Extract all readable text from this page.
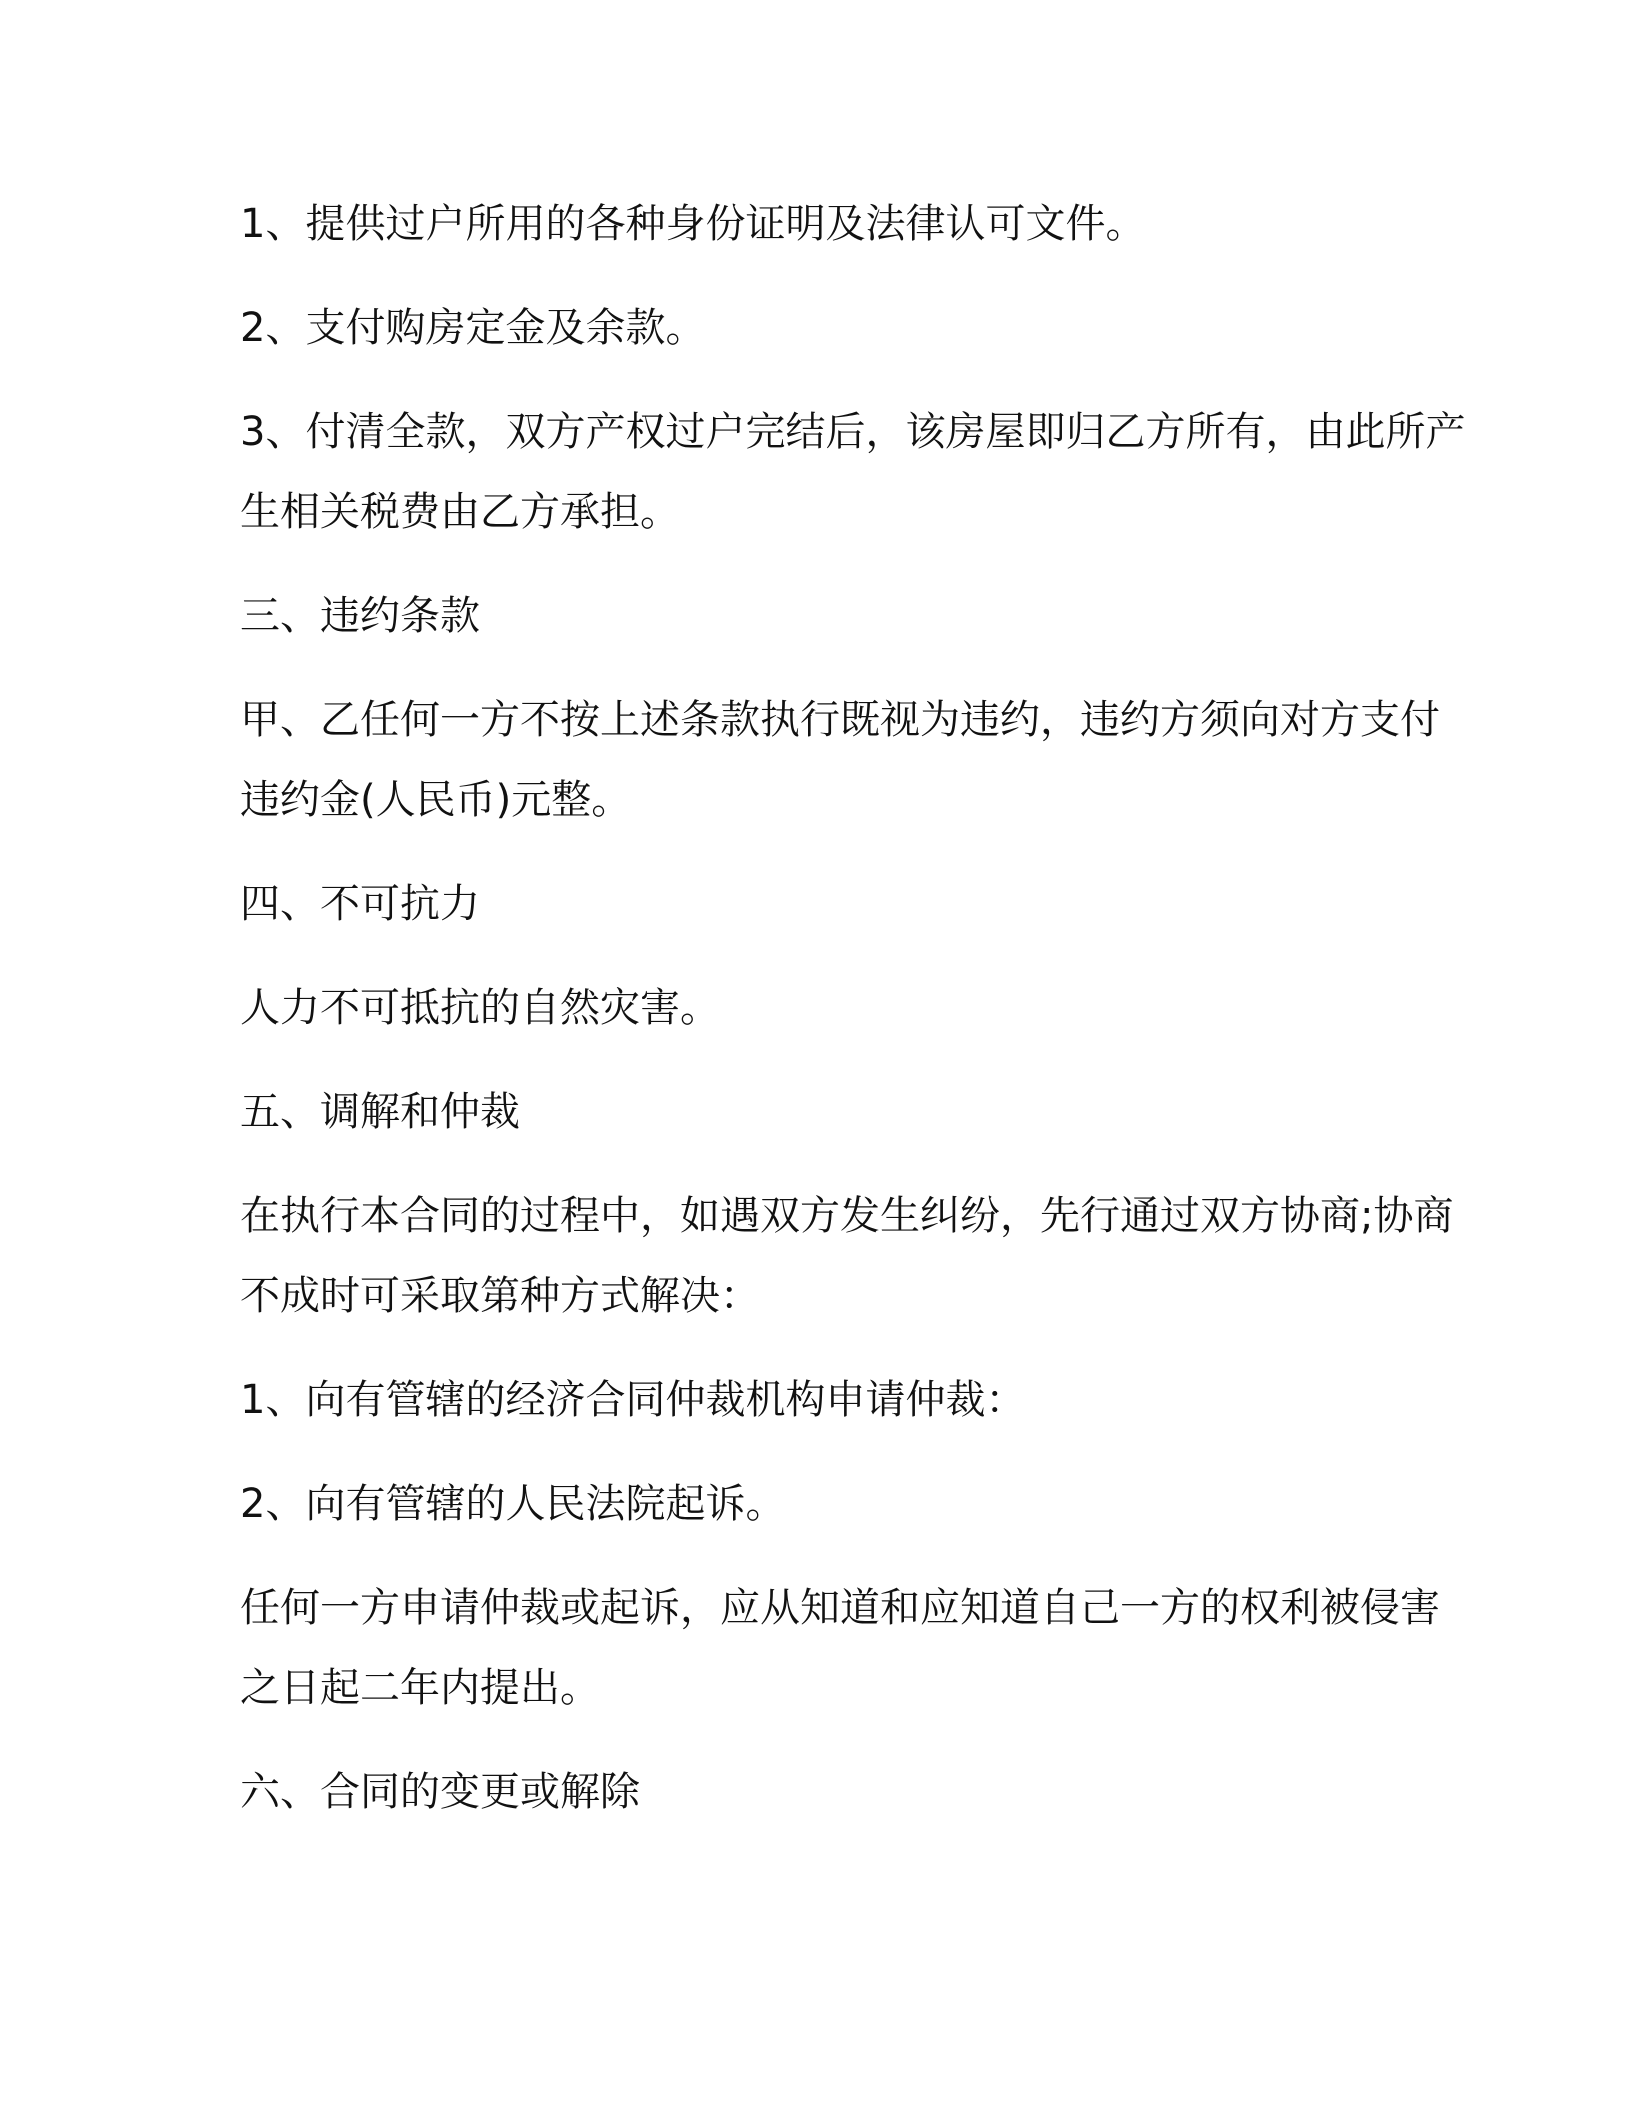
1、提供过户所用的各种身份证明及法律认可文件。

2、支付购房定金及余款。

3、付清全款，双方产权过户完结后，该房屋即归乙方所有，由此所产
生相关税费由乙方承担。

三、违约条款

甲、乙任何一方不按上述条款执行既视为违约，违约方须向对方支付
违约金(人民币)元整。

四、不可抗力

人力不可抵抗的自然灾害。

五、调解和仲裁

在执行本合同的过程中，如遇双方发生纠纷，先行通过双方协商;协商
不成时可采取第种方式解决：

1、向有管辖的经济合同仲裁机构申请仲裁：

2、向有管辖的人民法院起诉。

任何一方申请仲裁或起诉，应从知道和应知道自己一方的权利被侵害
之日起二年内提出。

六、合同的变更或解除
